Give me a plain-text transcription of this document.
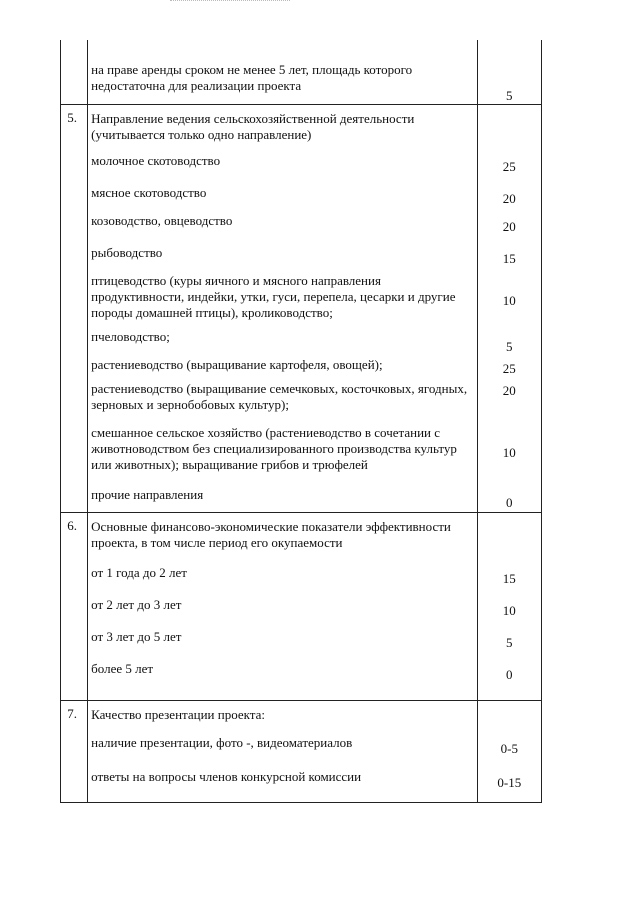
	на праве аренды сроком не менее 5 лет, площадь которого недостаточна для реализации проекта	5

5.	Направление ведения сельскохозяйственной деятельности (учитывается только одно направление)	

	молочное скотоводство	25

	мясное скотоводство	20

	козоводство, овцеводство	20

	рыбоводство	15

	птицеводство (куры яичного и мясного направления продуктивности, индейки, утки, гуси, перепела, цесарки и другие породы домашней птицы), кролиководство;	10

	пчеловодство;	5

	растениеводство (выращивание картофеля, овощей);	25

	растениеводство (выращивание семечковых, косточковых, ягодных, зерновых и зернобобовых культур);	20

	смешанное сельское хозяйство (растениеводство в сочетании с животноводством без специализированного производства культур или животных); выращивание грибов и трюфелей	10

	прочие направления	0

6.	Основные финансово-экономические показатели эффективности проекта, в том числе период его окупаемости	

	от 1 года до 2 лет	15

	от 2 лет до 3 лет	10

	от 3 лет до 5 лет	5

	более 5 лет	0

7.	Качество презентации проекта:	

	наличие презентации, фото -, видеоматериалов	0-5

	ответы на вопросы членов конкурсной комиссии	0-15
